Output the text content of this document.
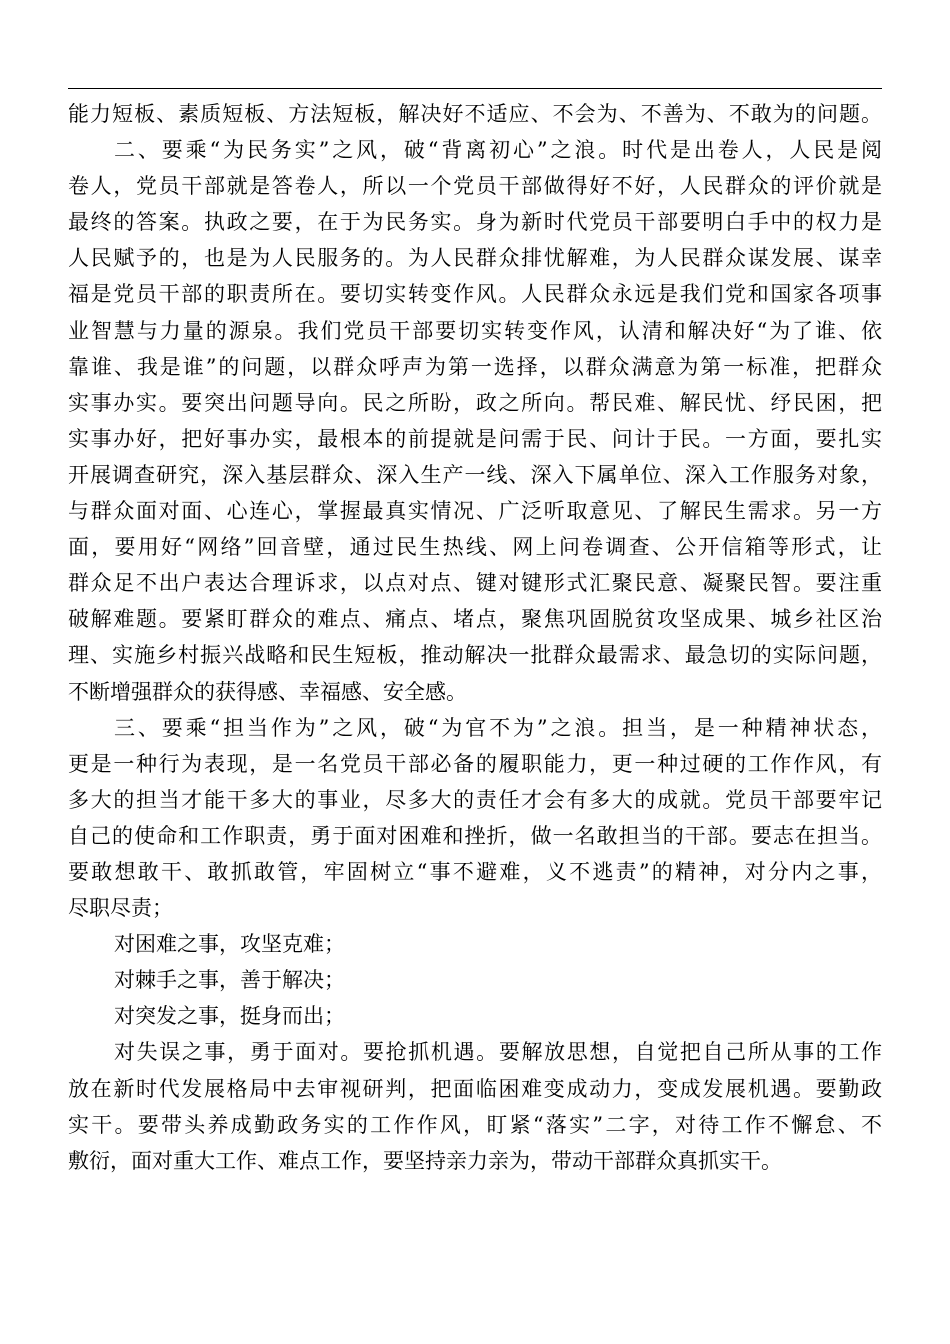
能力短板、素质短板、方法短板，解决好不适应、不会为、不善为、不敢为的问题。
二、要乘“为民务实”之风，破“背离初心”之浪。时代是出卷人，人民是阅
卷人，党员干部就是答卷人，所以一个党员干部做得好不好，人民群众的评价就是
最终的答案。执政之要，在于为民务实。身为新时代党员干部要明白手中的权力是
人民赋予的，也是为人民服务的。为人民群众排忧解难，为人民群众谋发展、谋幸
福是党员干部的职责所在。要切实转变作风。人民群众永远是我们党和国家各项事
业智慧与力量的源泉。我们党员干部要切实转变作风，认清和解决好“为了谁、依
靠谁、我是谁”的问题，以群众呼声为第一选择，以群众满意为第一标准，把群众
实事办实。要突出问题导向。民之所盼，政之所向。帮民难、解民忧、纾民困，把
实事办好，把好事办实，最根本的前提就是问需于民、问计于民。一方面，要扎实
开展调查研究，深入基层群众、深入生产一线、深入下属单位、深入工作服务对象，
与群众面对面、心连心，掌握最真实情况、广泛听取意见、了解民生需求。另一方
面，要用好“网络”回音壁，通过民生热线、网上问卷调查、公开信箱等形式，让
群众足不出户表达合理诉求，以点对点、键对键形式汇聚民意、凝聚民智。要注重
破解难题。要紧盯群众的难点、痛点、堵点，聚焦巩固脱贫攻坚成果、城乡社区治
理、实施乡村振兴战略和民生短板，推动解决一批群众最需求、最急切的实际问题，
不断增强群众的获得感、幸福感、安全感。
三、要乘“担当作为”之风，破“为官不为”之浪。担当，是一种精神状态，
更是一种行为表现，是一名党员干部必备的履职能力，更一种过硬的工作作风，有
多大的担当才能干多大的事业，尽多大的责任才会有多大的成就。党员干部要牢记
自己的使命和工作职责，勇于面对困难和挫折，做一名敢担当的干部。要志在担当。
要敢想敢干、敢抓敢管，牢固树立“事不避难，义不逃责”的精神，对分内之事，
尽职尽责；
对困难之事，攻坚克难；
对棘手之事，善于解决；
对突发之事，挺身而出；
对失误之事，勇于面对。要抢抓机遇。要解放思想，自觉把自己所从事的工作
放在新时代发展格局中去审视研判，把面临困难变成动力，变成发展机遇。要勤政
实干。要带头养成勤政务实的工作作风，盯紧“落实”二字，对待工作不懈怠、不
敷衍，面对重大工作、难点工作，要坚持亲力亲为，带动干部群众真抓实干。
